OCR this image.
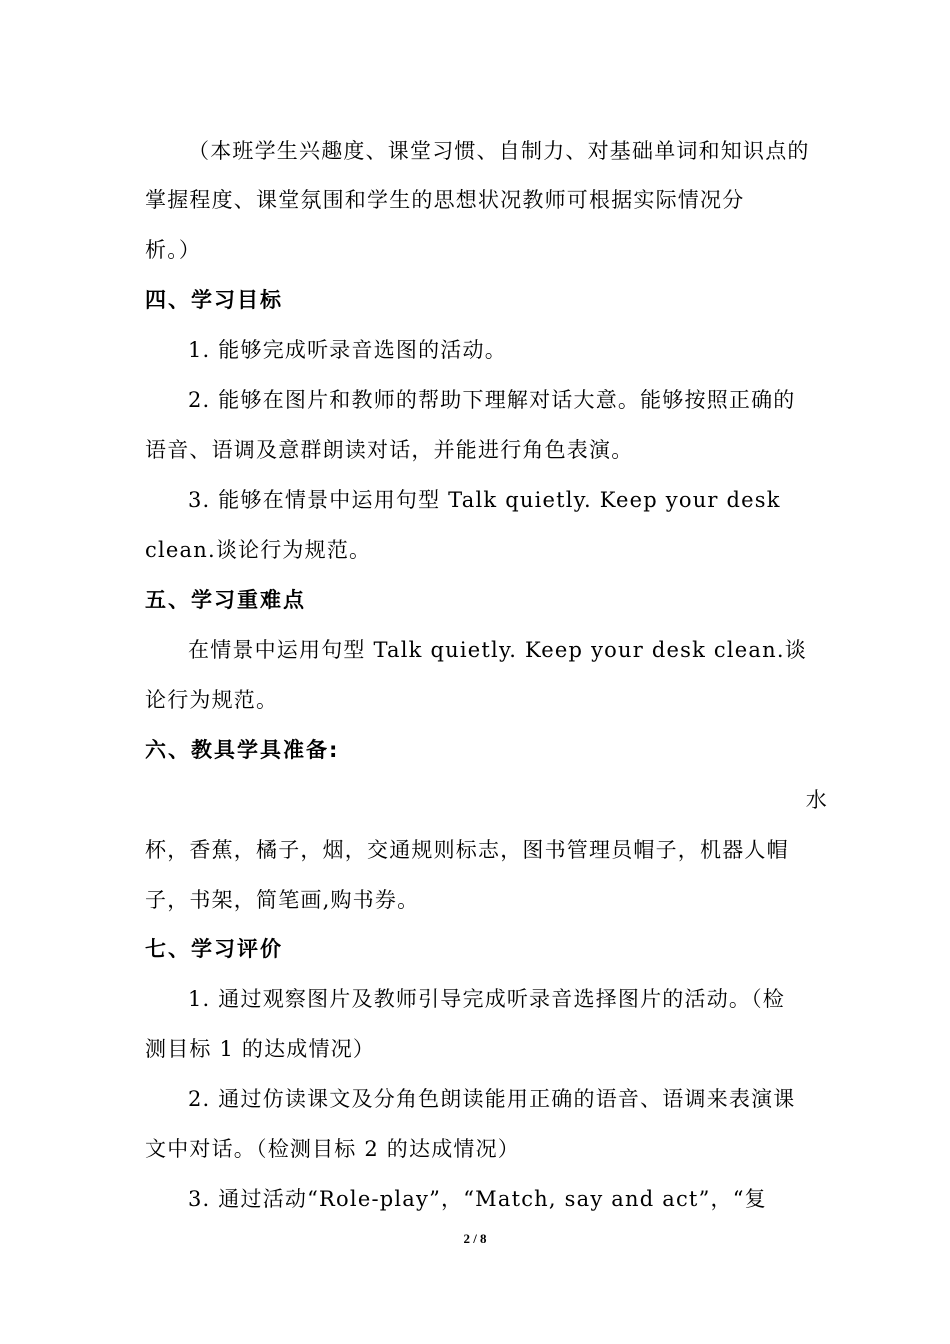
（本班学生兴趣度、课堂习惯、自制力、对基础单词和知识点的
掌握程度、课堂氛围和学生的思想状况教师可根据实际情况分
析。）
四、学习目标
1. 能够完成听录音选图的活动。
2. 能够在图片和教师的帮助下理解对话大意。能够按照正确的
语音、语调及意群朗读对话，并能进行角色表演。
3. 能够在情景中运用句型 Talk quietly. Keep your desk
clean.谈论行为规范。
五、学习重难点
在情景中运用句型 Talk quietly. Keep your desk clean.谈
论行为规范。
六、教具学具准备:
水
杯，香蕉，橘子，烟，交通规则标志，图书管理员帽子，机器人帽
子，书架，简笔画,购书券。
七、学习评价
1. 通过观察图片及教师引导完成听录音选择图片的活动。（检
测目标 1 的达成情况）
2. 通过仿读课文及分角色朗读能用正确的语音、语调来表演课
文中对话。（检测目标 2 的达成情况）
3. 通过活动“Role-play”，“Match, say and act”，“复
2 / 8
